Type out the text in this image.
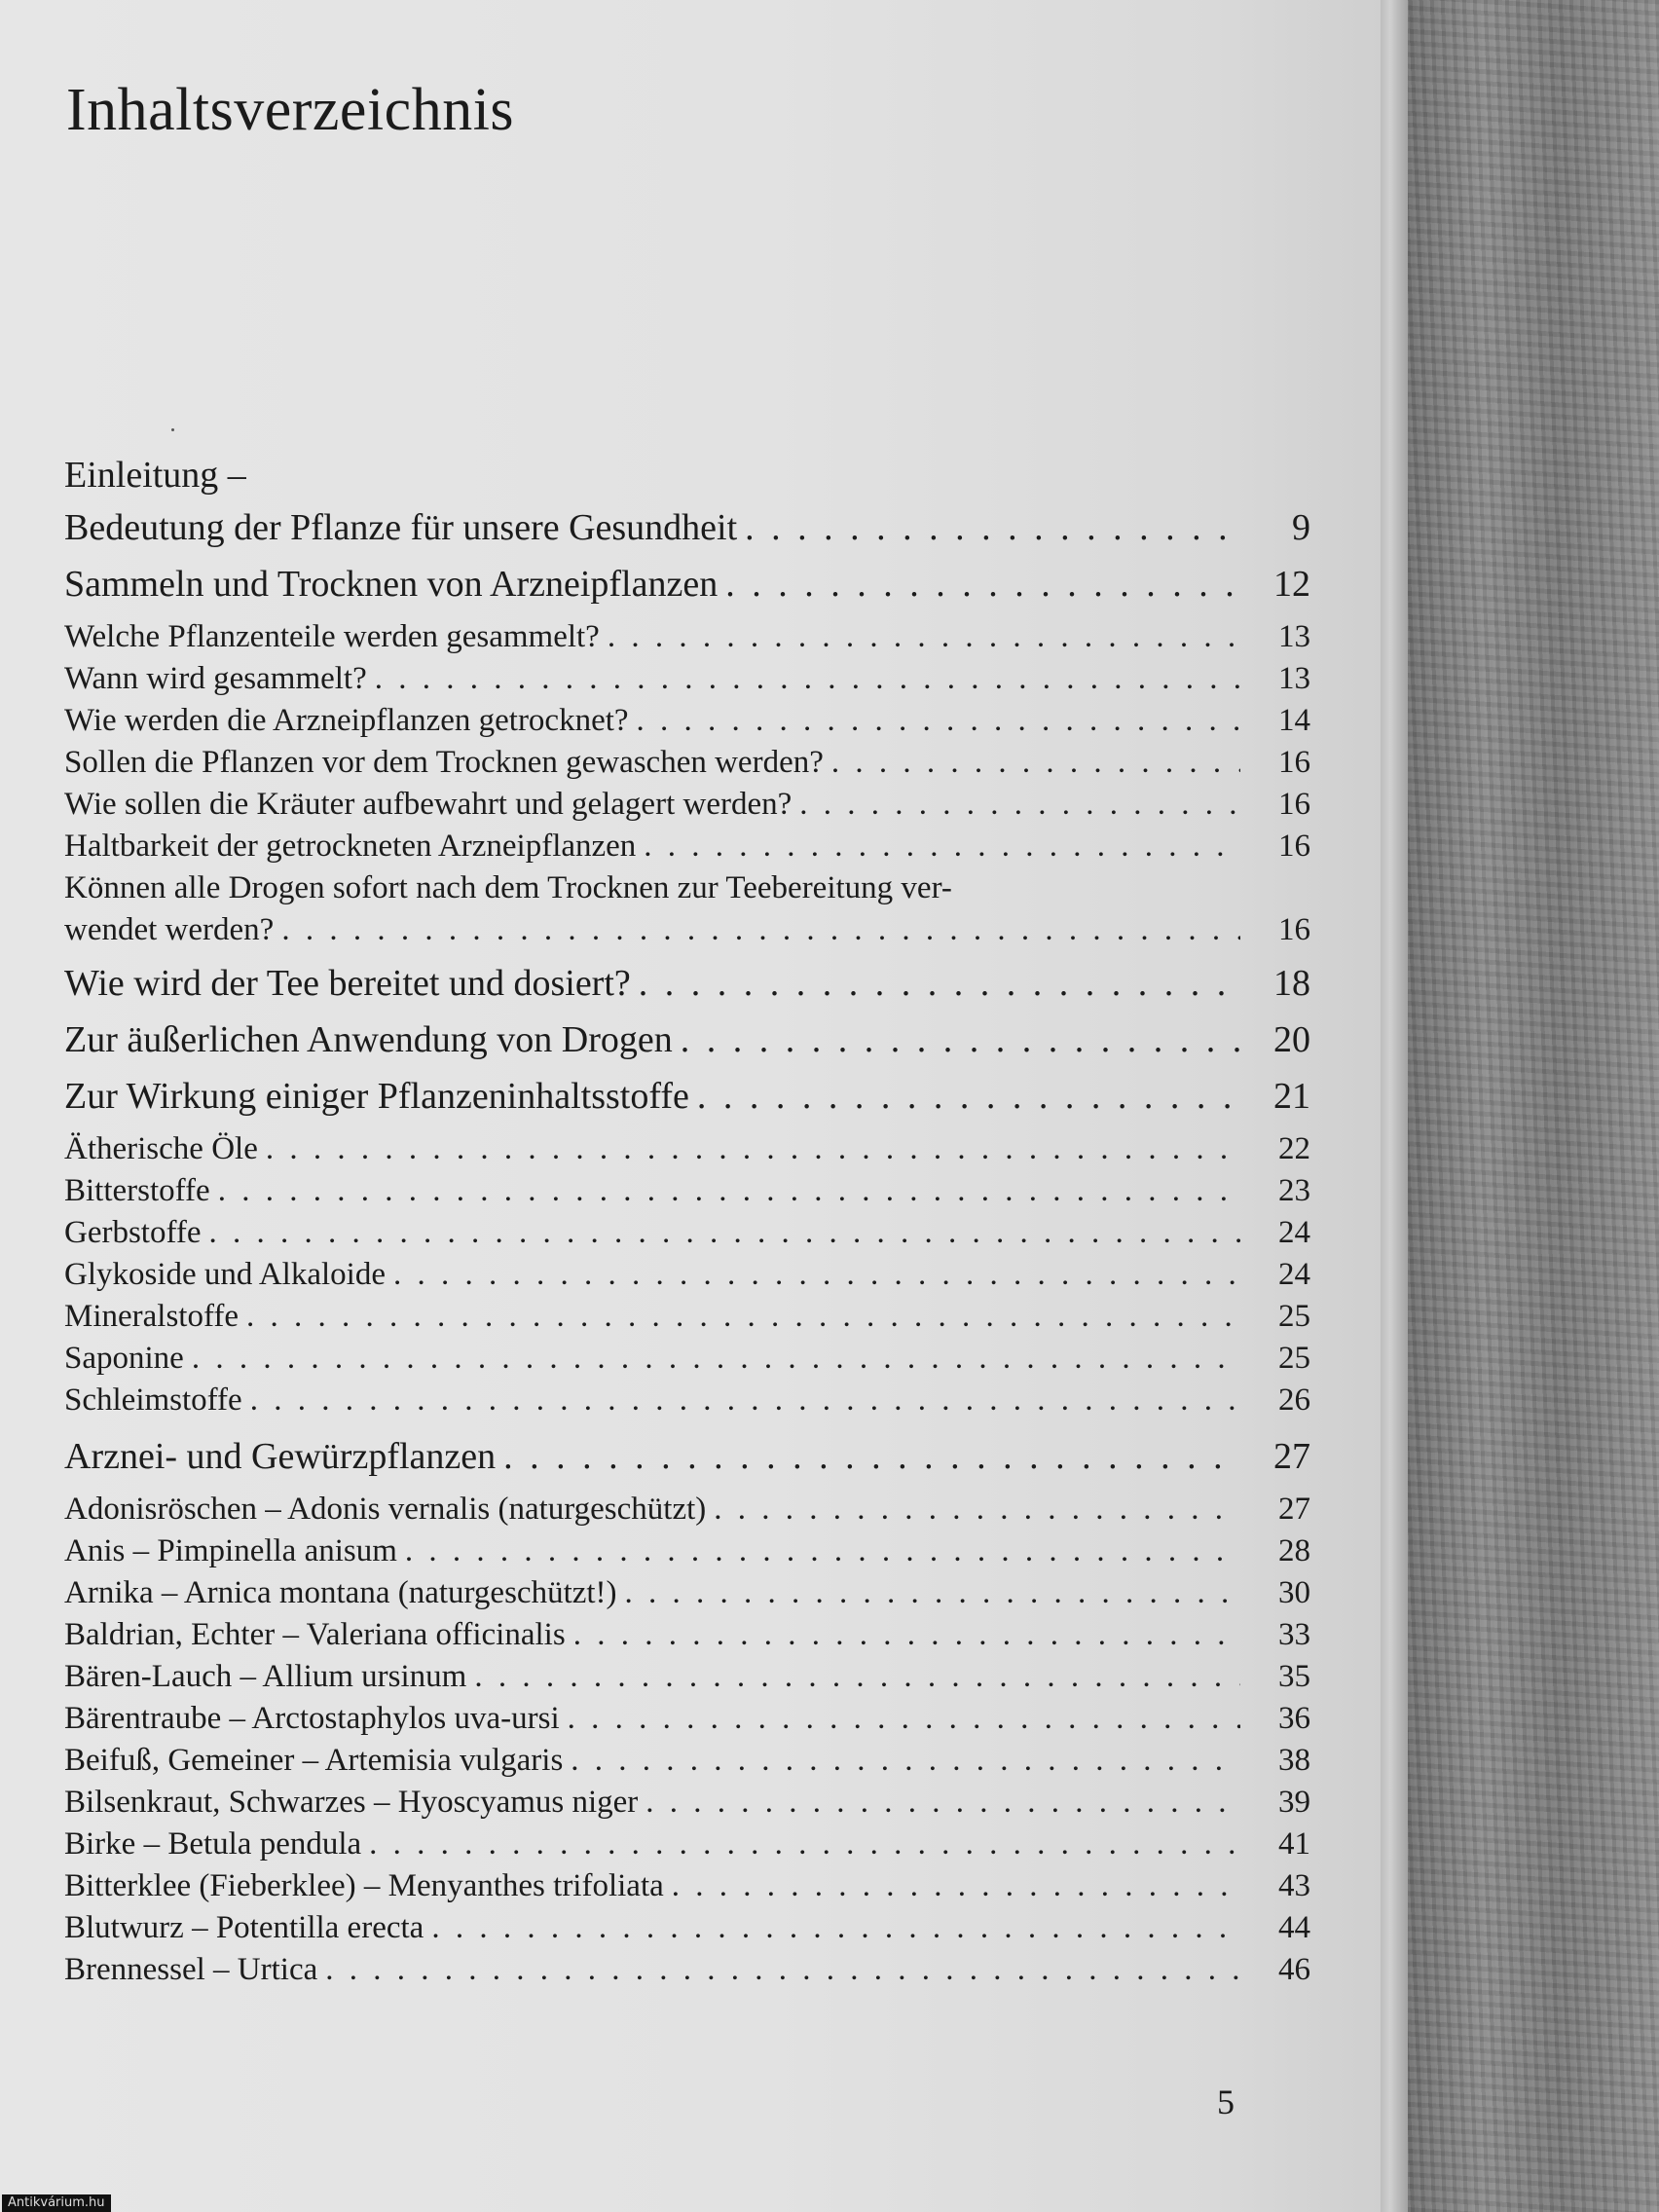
Inhaltsverzeichnis
Einleitung –
Bedeutung der Pflanze für unsere Gesundheit . . .	9
Sammeln und Trocknen von Arzneipflanzen . . .	12
Welche Pflanzenteile werden gesammelt? . . .	13
Wann wird gesammelt? . . .	13
Wie werden die Arzneipflanzen getrocknet? . . .	14
Sollen die Pflanzen vor dem Trocknen gewaschen werden? . . .	16
Wie sollen die Kräuter aufbewahrt und gelagert werden? . . .	16
Haltbarkeit der getrockneten Arzneipflanzen . . .	16
Können alle Drogen sofort nach dem Trocknen zur Teebereitung ver-
wendet werden? . . .	16
Wie wird der Tee bereitet und dosiert? . . .	18
Zur äußerlichen Anwendung von Drogen . . .	20
Zur Wirkung einiger Pflanzeninhaltsstoffe . . .	21
Ätherische Öle . . .	22
Bitterstoffe . . .	23
Gerbstoffe . . .	24
Glykoside und Alkaloide . . .	24
Mineralstoffe . . .	25
Saponine . . .	25
Schleimstoffe . . .	26
Arznei- und Gewürzpflanzen . . .	27
Adonisröschen – Adonis vernalis (naturgeschützt) . . .	27
Anis – Pimpinella anisum . . .	28
Arnika – Arnica montana (naturgeschützt!) . . .	30
Baldrian, Echter – Valeriana officinalis . . .	33
Bären-Lauch – Allium ursinum . . .	35
Bärentraube – Arctostaphylos uva-ursi . . .	36
Beifuß, Gemeiner – Artemisia vulgaris . . .	38
Bilsenkraut, Schwarzes – Hyoscyamus niger . . .	39
Birke – Betula pendula . . .	41
Bitterklee (Fieberklee) – Menyanthes trifoliata . . .	43
Blutwurz – Potentilla erecta . . .	44
Brennessel – Urtica . . .	46
5
Antikvárium.hu
